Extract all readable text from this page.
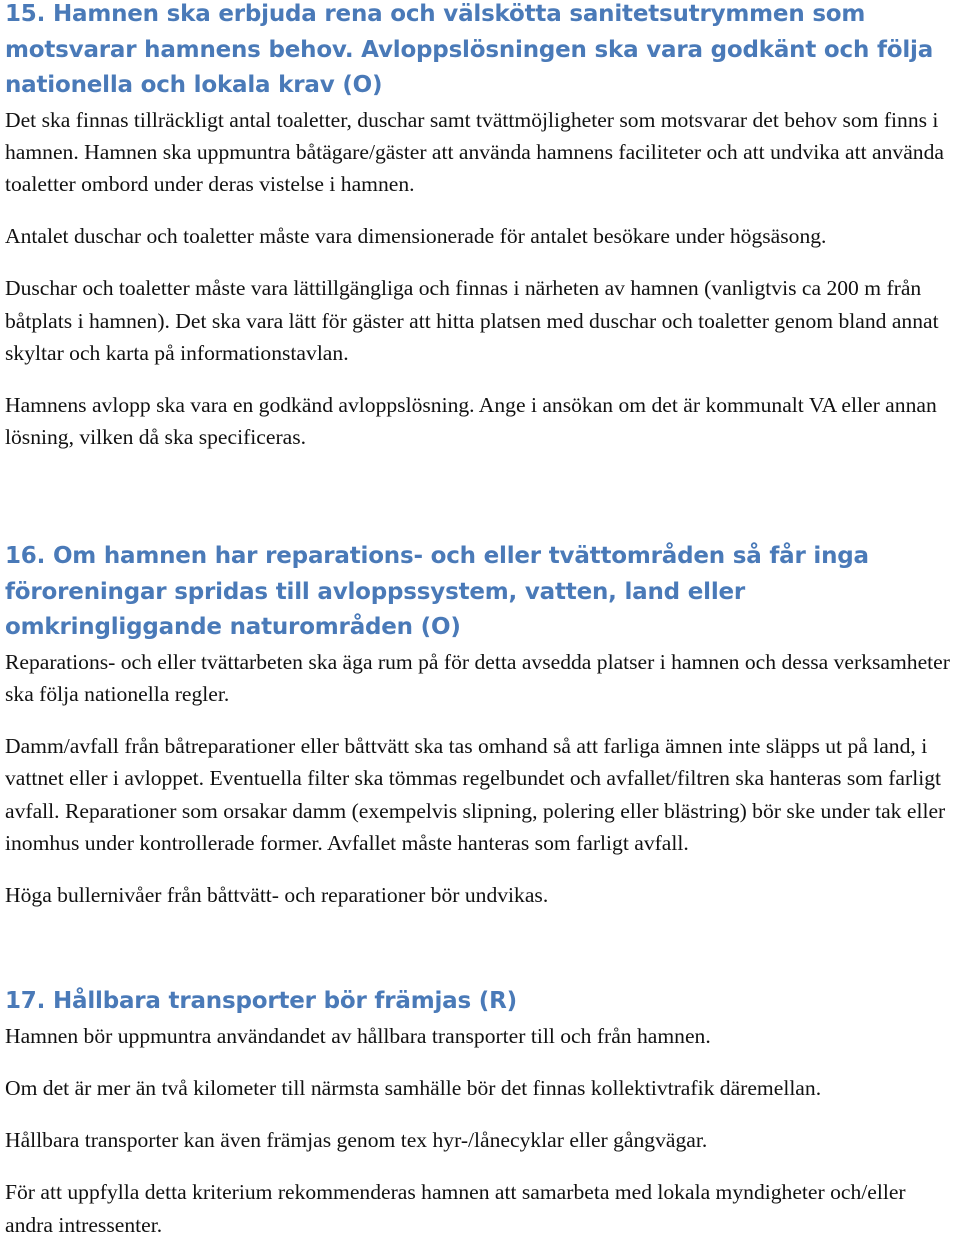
15. Hamnen ska erbjuda rena och välskötta sanitetsutrymmen som motsvarar hamnens behov. Avloppslösningen ska vara godkänt och följa nationella och lokala krav (O)

Det ska finnas tillräckligt antal toaletter, duschar samt tvättmöjligheter som motsvarar det behov som finns i hamnen. Hamnen ska uppmuntra båtägare/gäster att använda hamnens faciliteter och att undvika att använda toaletter ombord under deras vistelse i hamnen.

Antalet duschar och toaletter måste vara dimensionerade för antalet besökare under högsäsong.

Duschar och toaletter måste vara lättillgängliga och finnas i närheten av hamnen (vanligtvis ca 200 m från båtplats i hamnen). Det ska vara lätt för gäster att hitta platsen med duschar och toaletter genom bland annat skyltar och karta på informationstavlan.

Hamnens avlopp ska vara en godkänd avloppslösning. Ange i ansökan om det är kommunalt VA eller annan lösning, vilken då ska specificeras.

16. Om hamnen har reparations- och eller tvättområden så får inga föroreningar spridas till avloppssystem, vatten, land eller omkringliggande naturområden (O)

Reparations- och eller tvättarbeten ska äga rum på för detta avsedda platser i hamnen och dessa verksamheter ska följa nationella regler.

Damm/avfall från båtreparationer eller båttvätt ska tas omhand så att farliga ämnen inte släpps ut på land, i vattnet eller i avloppet. Eventuella filter ska tömmas regelbundet och avfallet/filtren ska hanteras som farligt avfall. Reparationer som orsakar damm (exempelvis slipning, polering eller blästring) bör ske under tak eller inomhus under kontrollerade former. Avfallet måste hanteras som farligt avfall.

Höga bullernivåer från båttvätt- och reparationer bör undvikas.

17. Hållbara transporter bör främjas (R)

Hamnen bör uppmuntra användandet av hållbara transporter till och från hamnen.

Om det är mer än två kilometer till närmsta samhälle bör det finnas kollektivtrafik däremellan.

Hållbara transporter kan även främjas genom tex hyr-/lånecyklar eller gångvägar.

För att uppfylla detta kriterium rekommenderas hamnen att samarbeta med lokala myndigheter och/eller andra intressenter.
